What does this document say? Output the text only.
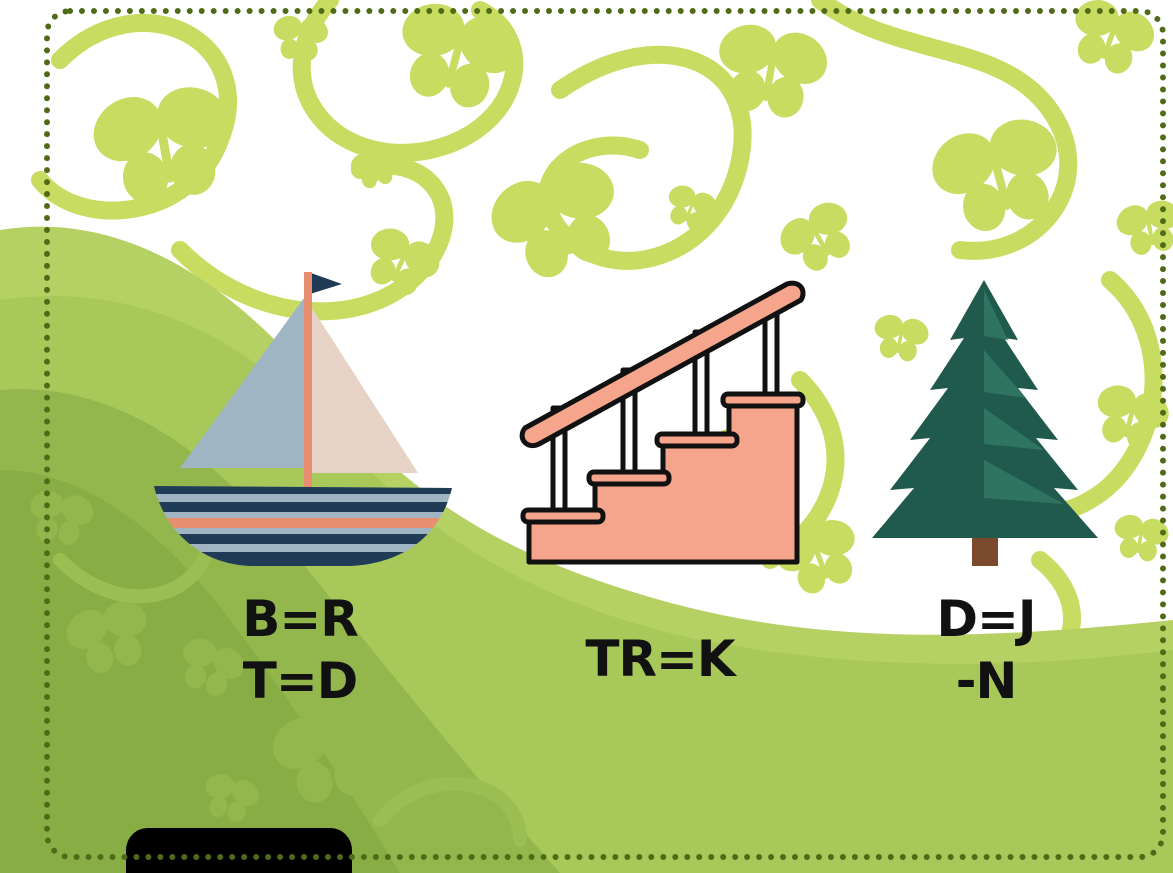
B=R
T=D	TR=K

D=J
-N
